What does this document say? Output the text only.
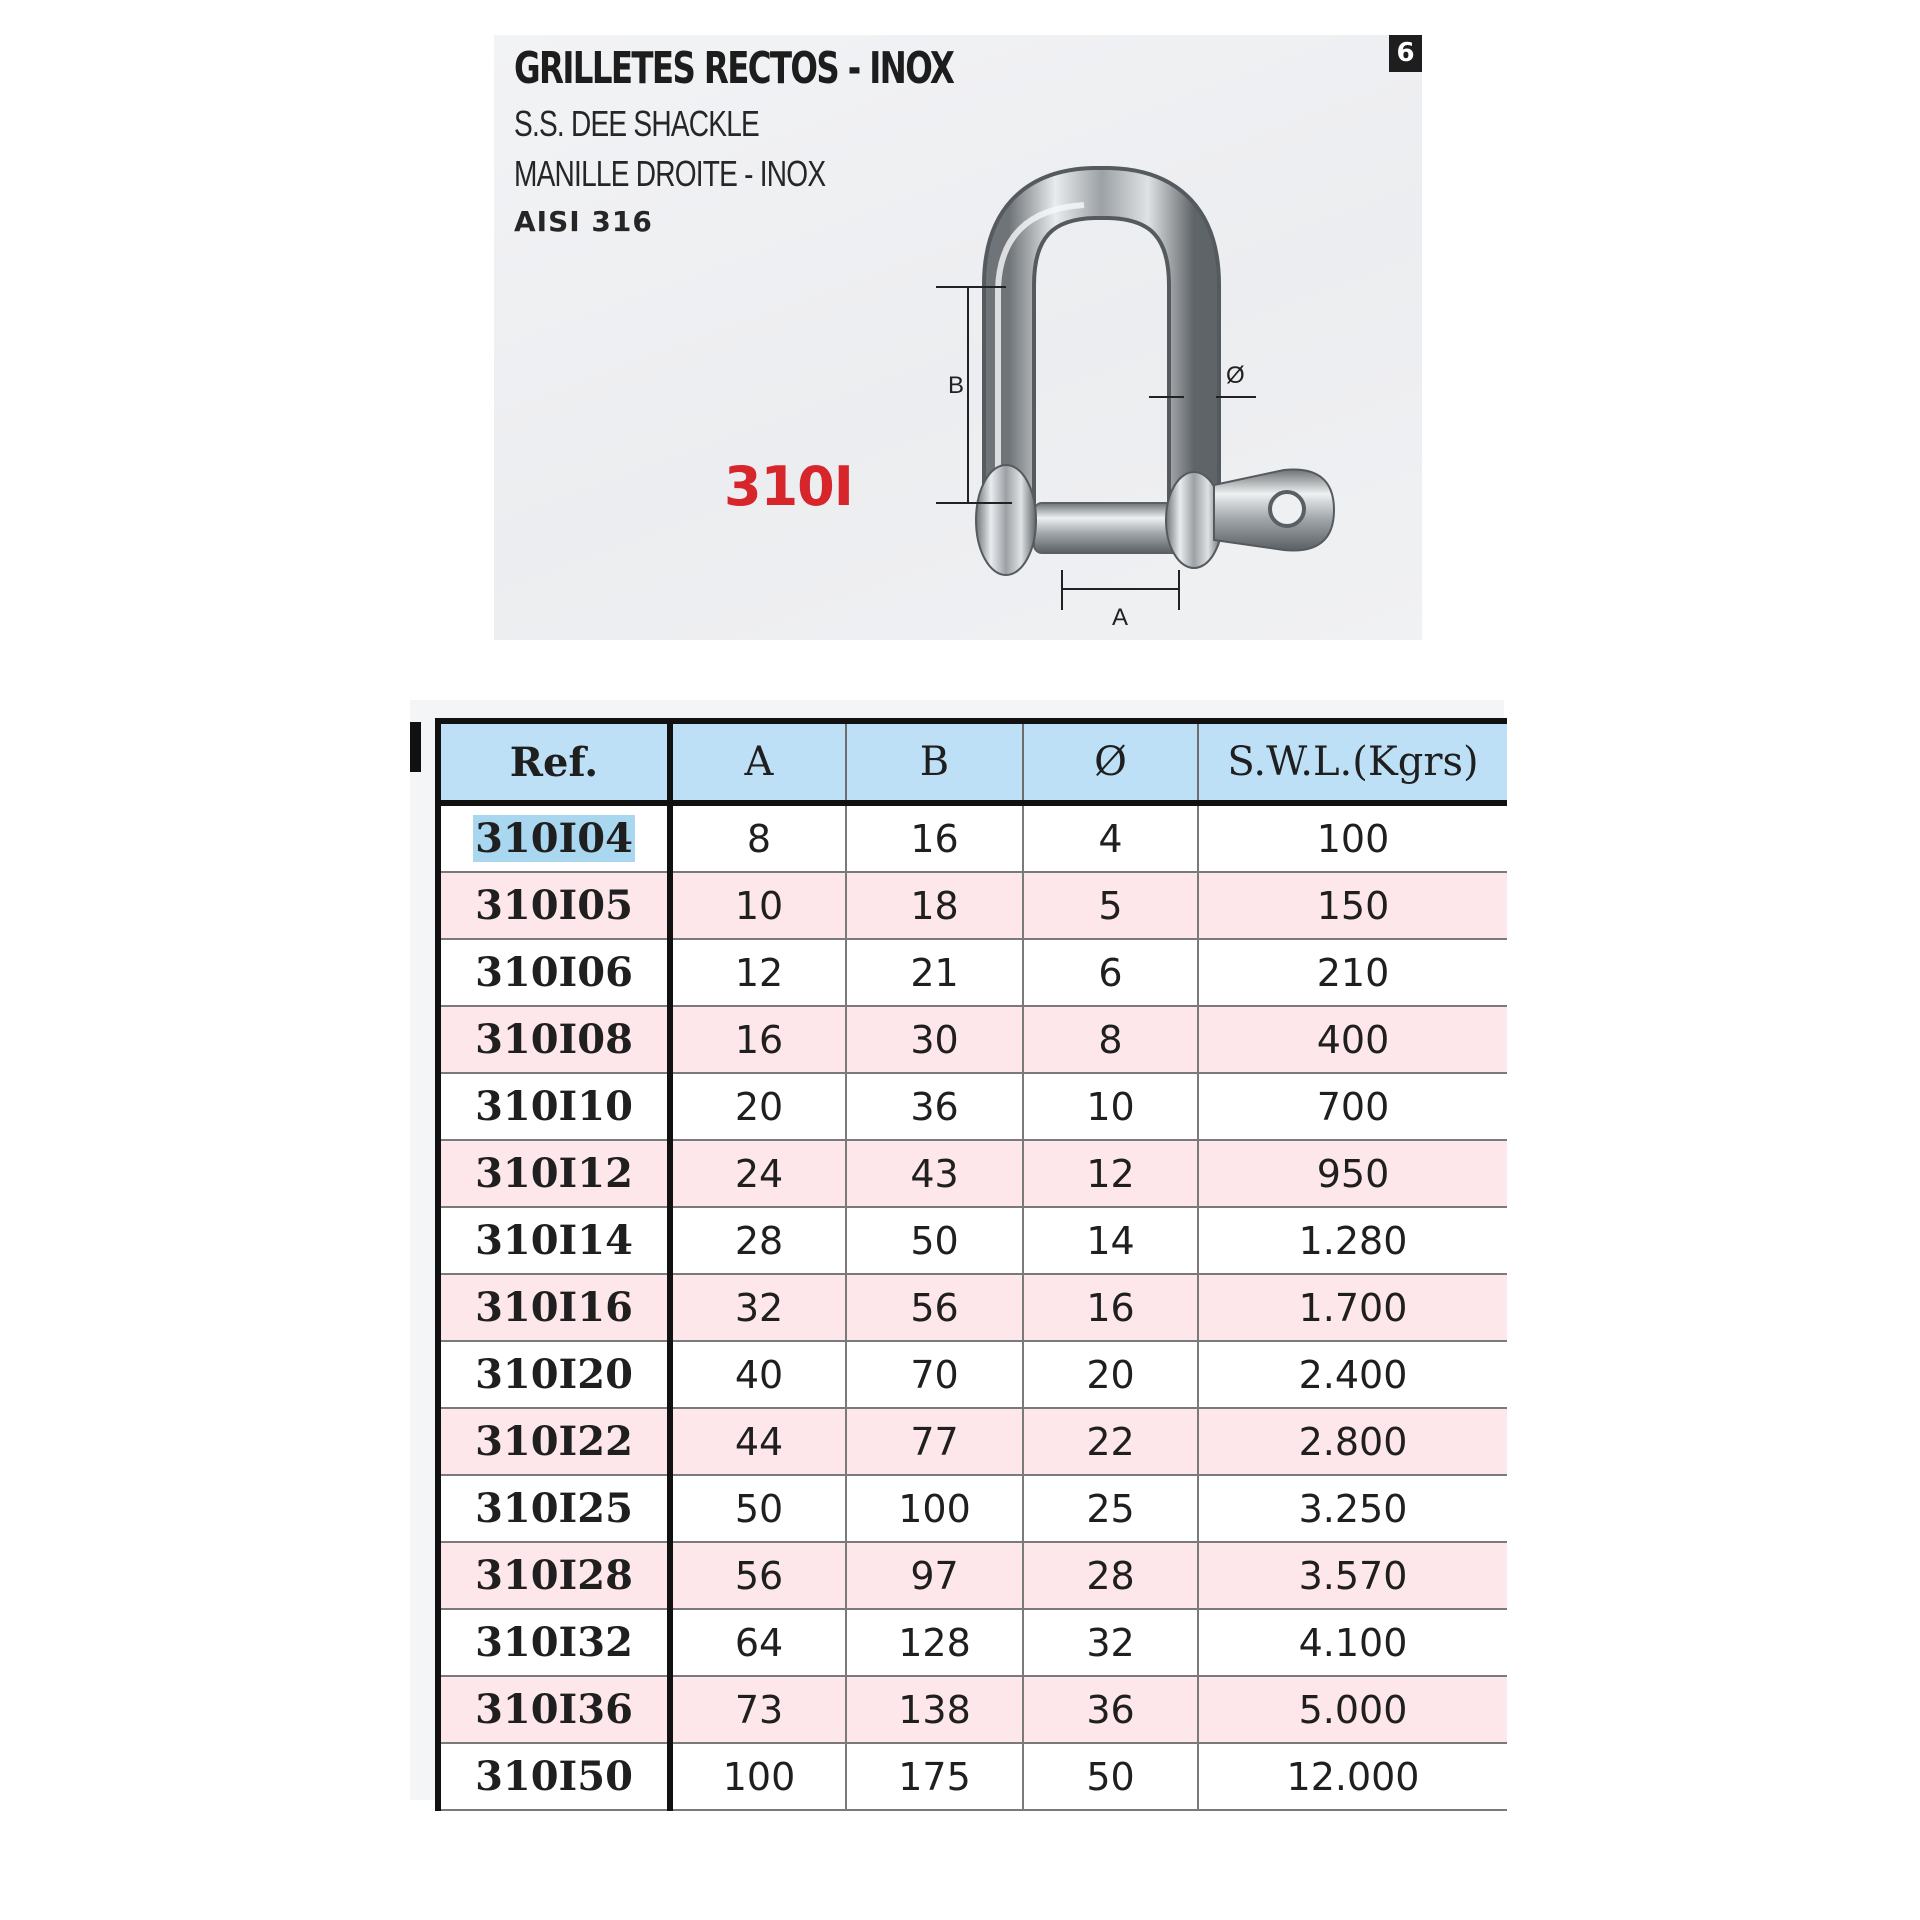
GRILLETES RECTOS - INOX

S.S. DEE SHACKLE

MANILLE DROITE - INOX

AISI 316

6
310I
B	Ø
A
Ref.	A	B	Ø	S.W.L.(Kgrs)
310I04	8	16	4	100
310I05	10	18	5	150
310I06	12	21	6	210
310I08	16	30	8	400
310I10	20	36	10	700
310I12	24	43	12	950
310I14	28	50	14	1.280
310I16	32	56	16	1.700
310I20	40	70	20	2.400
310I22	44	77	22	2.800
310I25	50	100	25	3.250
310I28	56	97	28	3.570
310I32	64	128	32	4.100
310I36	73	138	36	5.000
310I50	100	175	50	12.000
